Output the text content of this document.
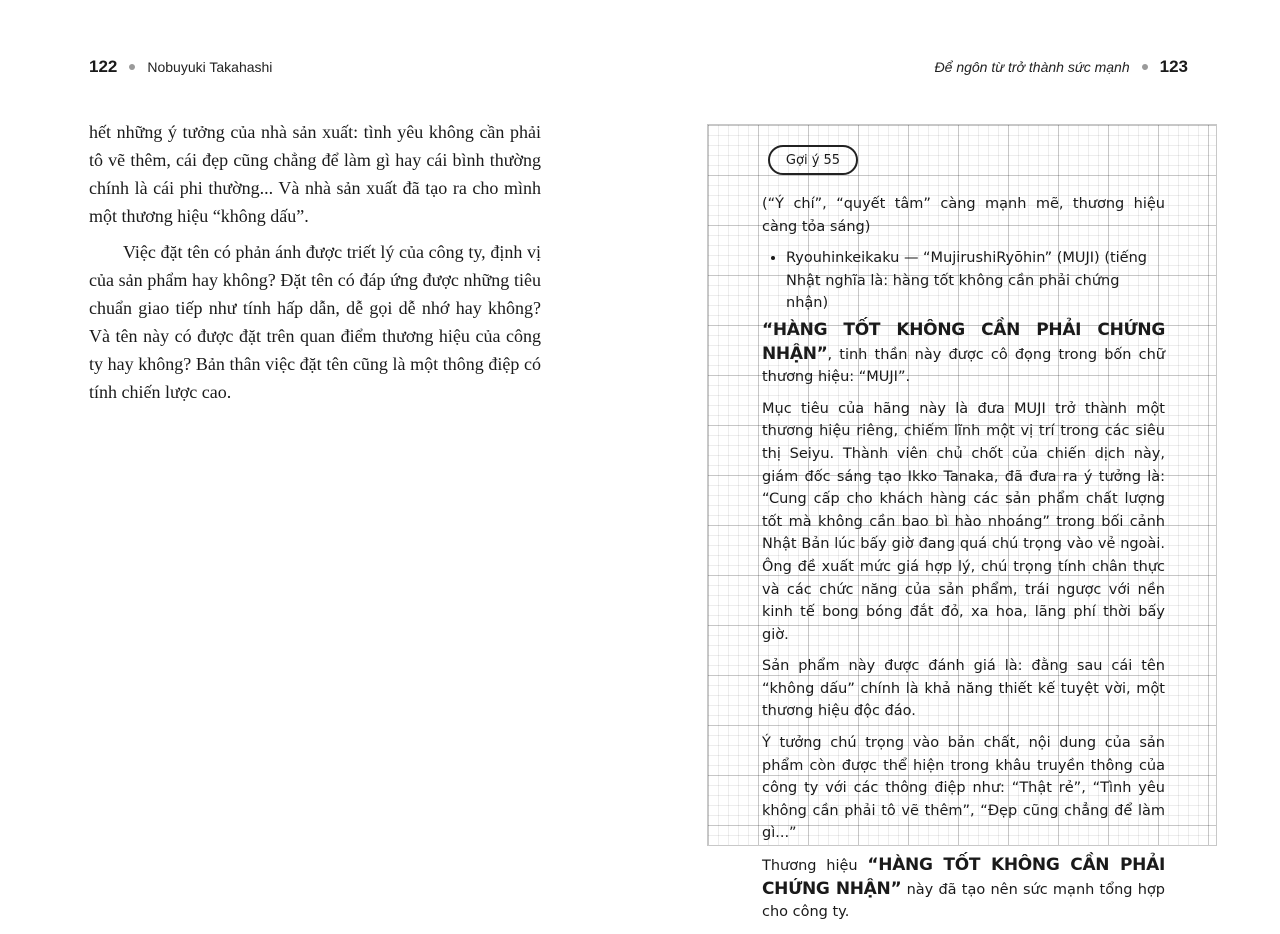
122 Nobuyuki Takahashi

hết những ý tưởng của nhà sản xuất: tình yêu không cần phải tô vẽ thêm, cái đẹp cũng chẳng để làm gì hay cái bình thường chính là cái phi thường... Và nhà sản xuất đã tạo ra cho mình một thương hiệu “không dấu”.

Việc đặt tên có phản ánh được triết lý của công ty, định vị của sản phẩm hay không? Đặt tên có đáp ứng được những tiêu chuẩn giao tiếp như tính hấp dẫn, dễ gọi dễ nhớ hay không? Và tên này có được đặt trên quan điểm thương hiệu của công ty hay không? Bản thân việc đặt tên cũng là một thông điệp có tính chiến lược cao.

Để ngôn từ trở thành sức mạnh 123
Gợi ý 55

(“Ý chí”, “quyết tâm” càng mạnh mẽ, thương hiệu càng tỏa sáng)

• Ryouhinkeikaku — “MujirushiRyōhin” (MUJI) (tiếng Nhật nghĩa là: hàng tốt không cần phải chứng nhận)

“HÀNG TỐT KHÔNG CẦN PHẢI CHỨNG NHẬN”, tinh thần này được cô đọng trong bốn chữ thương hiệu: “MUJI”.

Mục tiêu của hãng này là đưa MUJI trở thành một thương hiệu riêng, chiếm lĩnh một vị trí trong các siêu thị Seiyu. Thành viên chủ chốt của chiến dịch này, giám đốc sáng tạo Ikko Tanaka, đã đưa ra ý tưởng là: “Cung cấp cho khách hàng các sản phẩm chất lượng tốt mà không cần bao bì hào nhoáng” trong bối cảnh Nhật Bản lúc bấy giờ đang quá chú trọng vào vẻ ngoài. Ông đề xuất mức giá hợp lý, chú trọng tính chân thực và các chức năng của sản phẩm, trái ngược với nền kinh tế bong bóng đắt đỏ, xa hoa, lãng phí thời bấy giờ.

Sản phẩm này được đánh giá là: đằng sau cái tên “không dấu” chính là khả năng thiết kế tuyệt vời, một thương hiệu độc đáo.

Ý tưởng chú trọng vào bản chất, nội dung của sản phẩm còn được thể hiện trong khâu truyền thông của công ty với các thông điệp như: “Thật rẻ”, “Tình yêu không cần phải tô vẽ thêm”, “Đẹp cũng chẳng để làm gì...”

Thương hiệu “HÀNG TỐT KHÔNG CẦN PHẢI CHỨNG NHẬN” này đã tạo nên sức mạnh tổng hợp cho công ty.
